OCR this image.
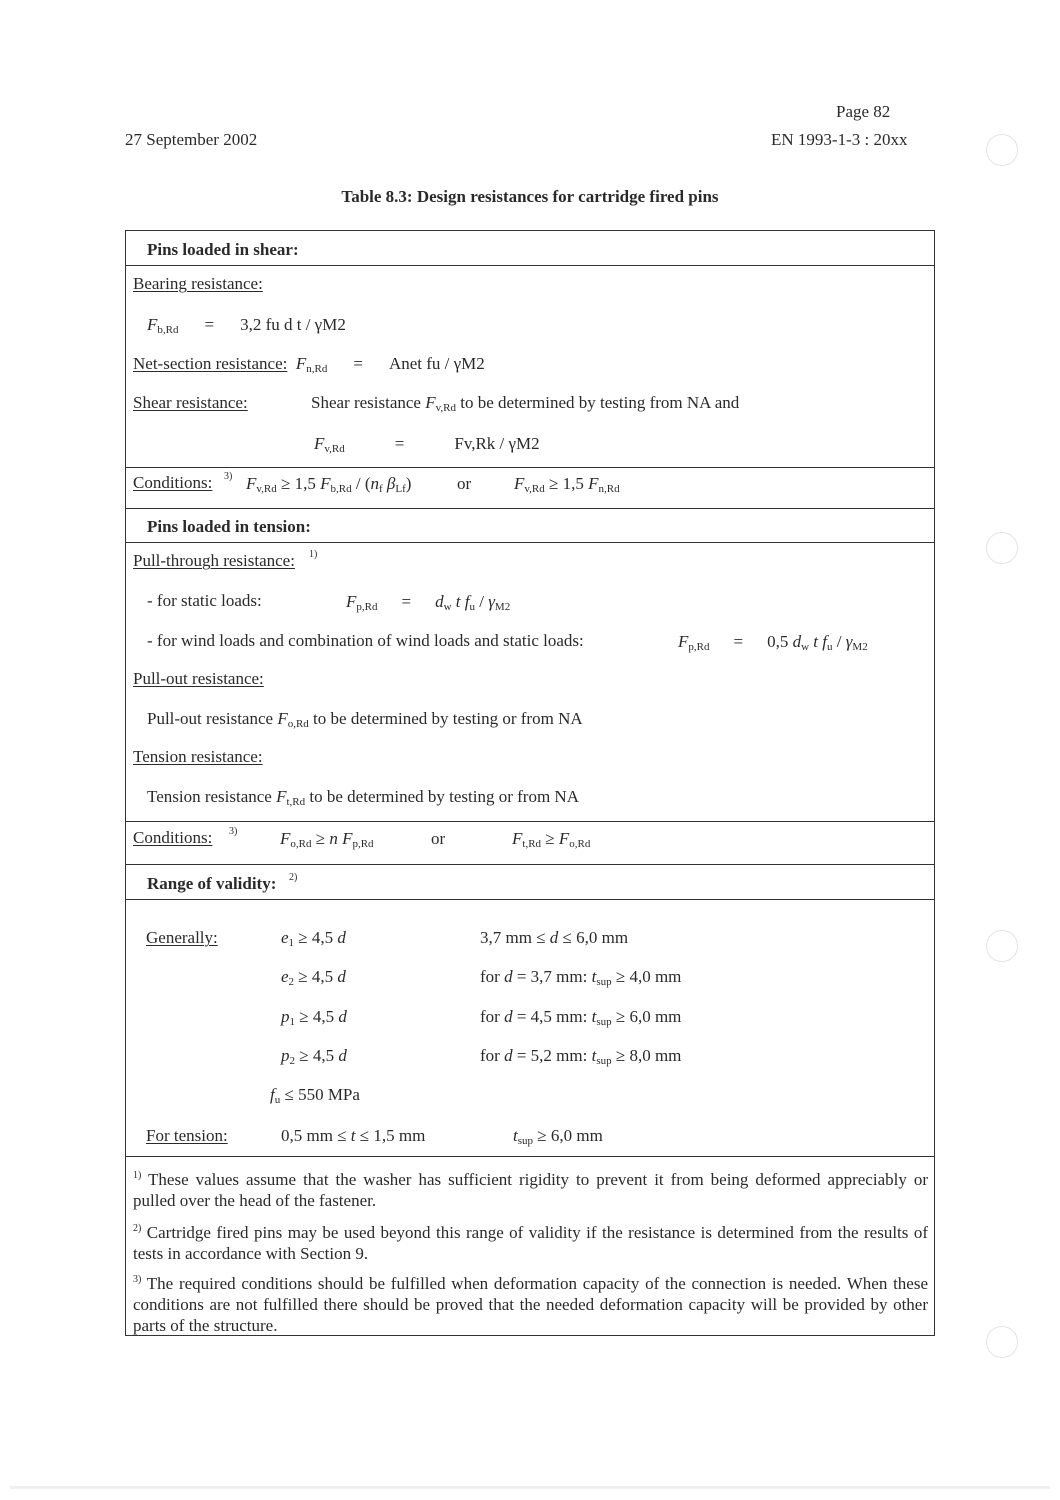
Page 82
27 September 2002	EN 1993-1-3 : 20xx
Table 8.3: Design resistances for cartridge fired pins
Pins loaded in shear:
Bearing resistance:
$F_{b,Rd} = 3,2$ fu d t / γM2
Net-section resistance: $F_{n,Rd}$ = Anet fu / γM2
Shear resistance:	Shear resistance $F_{v,Rd}$ to be determined by testing from NA and
$F_{v,Rd}$	=	Fv,Rk / γM2
Conditions: 3) $F_{v,Rd} \ge 1,5$ $F_{b,Rd} / (n_f$ $\beta_{Lf}$)	or	$F_{v,Rd} \ge 1,5$ $F_{n,Rd}$
Pins loaded in tension:
Pull-through resistance: 1)
- for static loads:	$F_{p,Rd} = d_w$ t $f_u / \gamma_{M2}$
- for wind loads and combination of wind loads and static loads:	$F_{p,Rd} = 0,5$ $d_w$ t $f_u / \gamma_{M2}$
Pull-out resistance:
Pull-out resistance $F_{o,Rd}$ to be determined by testing or from NA
Tension resistance:
Tension resistance $F_{t,Rd}$ to be determined by testing or from NA
Conditions: 3)	$F_{o,Rd} \ge n$ $F_{p,Rd}$	or	$F_{t,Rd} \ge F_{o,Rd}$
Range of validity: 2)
Generally:	$e_1 \ge 4,5$ d	3,7 mm ≤ d ≤ 6,0 mm
$e_2 \ge 4,5$ d	for d = 3,7 mm: $t_{sup} \ge 4,0$ mm
$p_1 \ge 4,5$ d	for d = 4,5 mm: $t_{sup} \ge 6,0$ mm
$p_2 \ge 4,5$ d	for d = 5,2 mm: $t_{sup} \ge 8,0$ mm
$f_u \le 550$ MPa
For tension:	0,5 mm ≤ t ≤ 1,5 mm	$t_{sup} \ge 6,0$ mm
$^{1)}$ These values assume that the washer has sufficient rigidity to prevent it from being deformed appreciably or pulled over the head of the fastener.
$^{2)}$ Cartridge fired pins may be used beyond this range of validity if the resistance is determined from the results of tests in accordance with Section 9.
$^{3)}$ The required conditions should be fulfilled when deformation capacity of the connection is needed. When these conditions are not fulfilled there should be proved that the needed deformation capacity will be provided by other parts of the structure.
